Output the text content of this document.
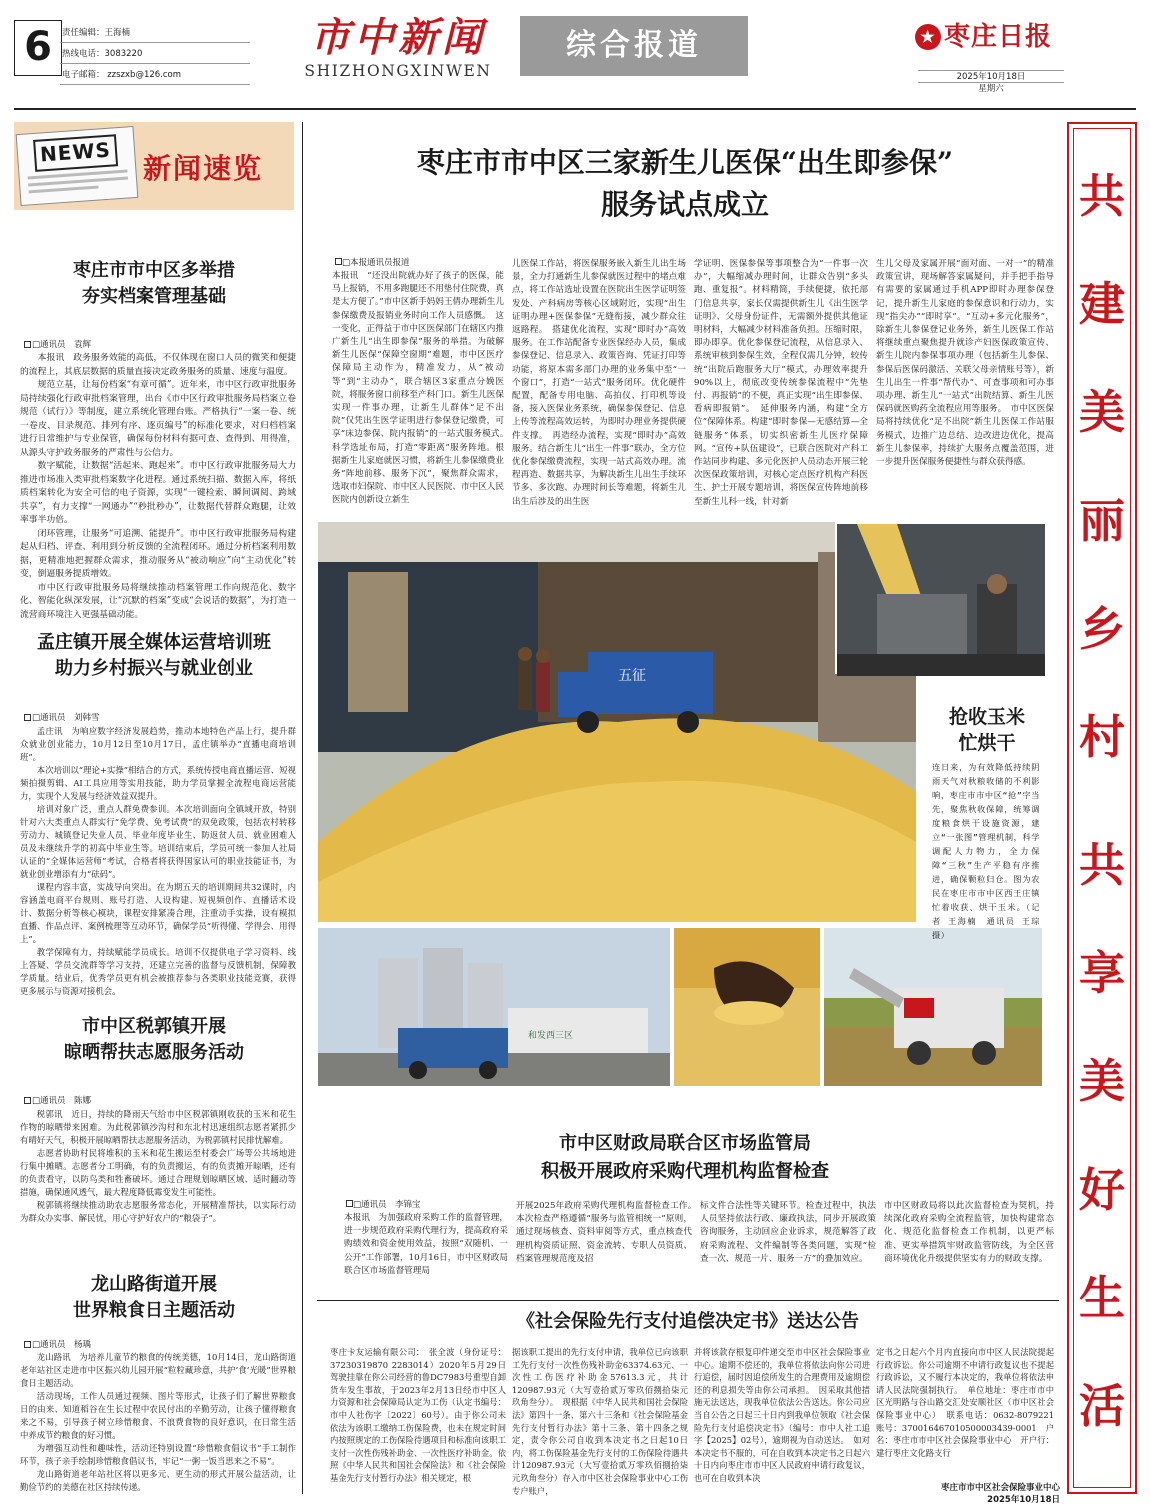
6	责任编辑：王海楠
热线电话：3083220
电子邮箱： zzszxb@126.com
市中新闻
SHIZHONGXINWEN
综合报道	★ 枣庄日报
2025年10月18日
星期六
共
建
美
丽
乡
村
共
享
美
好
生
活
NEWS	新闻速览
枣庄市市中区多举措
夯实档案管理基础
□通讯员　袁辉

本报讯　政务服务效能的高低，不仅体现在窗口人员的微笑和便捷的流程上，其底层数据的质量直接决定政务服务的质量、速度与温度。

规范立基，让每份档案“有章可循”。近年来，市中区行政审批服务局持续强化行政审批档案管理，出台《市中区行政审批服务局档案立卷规范（试行）》等制度，建立系统化管理台账。严格执行“一案一卷、统一卷皮、目录规范、排列有序、逐页编号”的标准化要求，对归档档案进行日常维护与专业保管，确保每份材料有据可查、查得到、用得准，从源头守护政务服务的严肃性与公信力。

数字赋能，让数据“活起来、跑起来”。市中区行政审批服务局大力推进市场准入类审批档案数字化进程。通过系统扫描、数据入库，将纸质档案转化为安全可信的电子资源，实现“一键检索、瞬间调阅、跨域共享”，有力支撑“一网通办”“秒批秒办”，让数据代替群众跑腿，让效率事半功倍。

闭环管理，让服务“可追溯、能提升”。市中区行政审批服务局构建起从归档、评查、利用到分析反馈的全流程闭环。通过分析档案利用数据，更精准地把握群众需求，推动服务从“被动响应”向“主动优化”转变，倒逼服务提质增效。

市中区行政审批服务局将继续推动档案管理工作向规范化、数字化、智能化纵深发展，让“沉默的档案”变成“会说话的数据”，为打造一流营商环境注入更强基础动能。

孟庄镇开展全媒体运营培训班
助力乡村振兴与就业创业
□通讯员　刘韩雪

孟庄讯　为响应数字经济发展趋势，推动本地特色产品上行，提升群众就业创业能力，10月12日至10月17日，孟庄镇举办“直播电商培训班”。

本次培训以“理论+实操”相结合的方式，系统传授电商直播运营、短视频拍摄剪辑、AI工具应用等实用技能，助力学员掌握全流程电商运营能力，实现个人发展与经济效益双提升。

培训对象广泛，重点人群免费参训。本次培训面向全镇域开放，特别针对六大类重点人群实行“免学费、免考试费”的双免政策，包括农村转移劳动力、城镇登记失业人员、毕业年度毕业生、防返贫人员、就业困难人员及未继续升学的初高中毕业生等。培训结束后，学员可统一参加人社局认证的“全媒体运营师”考试，合格者将获得国家认可的职业技能证书，为就业创业增添有力“砝码”。

课程内容丰富，实战导向突出。在为期五天的培训期间共32课时，内容涵盖电商平台规则、账号打造、人设构建、短视频创作、直播话术设计、数据分析等核心模块，课程安排紧凑合理，注重动手实操，设有模拟直播、作品点评、案例梳理等互动环节，确保学员“听得懂、学得会、用得上”。

教学保障有力，持续赋能学员成长。培训不仅提供电子学习资料、线上答疑、学员交流群等学习支持，还建立完善的监督与反馈机制，保障教学质量。结业后，优秀学员更有机会被推荐参与各类职业技能竞赛，获得更多展示与资源对接机会。

市中区税郭镇开展
晾晒帮扶志愿服务活动
□通讯员　陈娜

税郭讯　近日，持续的降雨天气给市中区税郭镇刚收获的玉米和花生作物的晾晒带来困难。为此税郭镇沙沟村和东北村迅速组织志愿者紧抓少有晴好天气，积极开展晾晒帮扶志愿服务活动，为税郭镇村民排忧解难。

志愿者协助村民将堆积的玉米和花生搬运至村委会广场等公共场地进行集中摊晒。志愿者分工明确，有的负责搬运，有的负责摊开晾晒，还有的负责看守，以防鸟类和牲畜破坏。通过合理规划晾晒区域、适时翻动等措施，确保通风透气，最大程度降低霉变发生可能性。

税郭镇将继续推动助农志愿服务常态化，开展精准帮扶，以实际行动为群众办实事、解民忧，用心守护好农户的“粮袋子”。

龙山路街道开展
世界粮食日主题活动
□通讯员　杨瑀

龙山路讯　为培养儿童节约粮食的传统美德，10月14日，龙山路街道老年站社区走进市中区振兴幼儿园开展“粒粒藏珍意，共护‘食’光暖”世界粮食日主题活动。

活动现场，工作人员通过视频、图片等形式，让孩子们了解世界粮食日的由来、知道稻谷在生长过程中农民付出的辛勤劳动，让孩子懂得粮食来之不易，引导孩子树立珍惜粮食、不浪费食物的良好意识，在日常生活中养成节约粮食的好习惯。

为增强互动性和趣味性，活动还特别设置“珍惜粮食倡议书”手工制作环节，孩子亲手绘制珍惜粮食倡议书，牢记“一粥一饭当思来之不易”。

龙山路街道老年站社区将以更多元、更生动的形式开展公益活动，让勤俭节约的美德在社区持续传递。

枣庄市市中区三家新生儿医保“出生即参保”
服务试点成立
□本报通讯员报道
本报讯　“还没出院就办好了孩子的医保，能马上报销，不用多跑腿还不用垫付住院费，真是太方便了。”市中区新手妈妈王倩办理新生儿参保缴费及报销业务时向工作人员感慨。　这一变化，正得益于市中区医保部门在辖区内推广新生儿“出生即参保”服务的举措。为破解新生儿医保“保障空窗期”难题，市中区医疗保障局主动作为，精准发力，从“被动等”到“主动办”，联合辖区3家重点分娩医院，将服务窗口前移至产科门口。新生儿医保实现一件事办理，让新生儿群体“足不出院”仅凭出生医学证明进行参保登记缴费，可享“床边参保、院内报销”的一站式服务模式。　科学选址布局，打造“零距离”服务阵地。根据新生儿家庭就医习惯，将新生儿参保缴费业务“阵地前移、服务下沉”，聚焦群众需求，选取市妇保院、市中区人民医院、市中区人民医院内创新设立新生
儿医保工作站，将医保服务嵌入新生儿出生场景，全力打通新生儿参保就医过程中的堵点难点，将工作站选址设置在医院出生医学证明签发处、产科病房等核心区域附近，实现“出生证明办理+医保参保”无缝衔接，减少群众往返路程。　搭建优化流程，实现“即时办”高效服务。在工作站配备专业医保经办人员，集成参保登记、信息录入、政策咨询、凭证打印等功能，将原本需多部门办理的业务集中至“一个窗口”，打造“一站式”服务闭环。优化硬件配置，配备专用电脑、高拍仪、打印机等设备，接入医保业务系统，确保参保登记、信息上传等流程高效运转，为即时办理业务提供硬件支撑。　再造经办流程，实现“即时办”高效服务。结合新生儿“出生一件事”联办，全方位优化参保缴费流程，实现一站式高效办理。流程再造、数据共享，为解决新生儿出生手续环节多、多次跑、办理时间长等难题，将新生儿出生后涉及的出生医
学证明、医保参保等事项整合为“一件事一次办”，大幅缩减办理时间，让群众告别“多头跑、重复报”。材料精简，手续便捷，依托部门信息共享，家长仅需提供新生儿《出生医学证明》、父母身份证件，无需额外提供其他证明材料，大幅减少材料准备负担。压缩时限，即办即享。优化参保登记流程，从信息录入、系统审核到参保生效，全程仅需几分钟，较传统“出院后跑服务大厅”模式，办理效率提升90%以上，彻底改变传统参保流程中“先垫付、再报销”的不便，真正实现“出生即参保、看病即报销”。　延伸服务内涵，构建“全方位”保障体系。构建“即时参保—无感结算—全链服务”体系，切实织密新生儿医疗保障网。“宣传+队伍建设”，已联合医院对产科工作站同步构建、多元化医护人员动态开展三轮次医保政策培训，对核心定点医疗机构产科医生、护士开展专题培训，将医保宣传阵地前移至新生儿科一线，针对新
生儿父母及家属开展“面对面、一对一”的精准政策宣讲，现场解答家属疑问，并手把手指导有需要的家属通过手机APP即时办理参保登记，提升新生儿家庭的参保意识和行动力，实现“指尖办”“即时享”。“互动+多元化服务”，除新生儿参保登记业务外，新生儿医保工作站将继续重点聚焦提升就诊产妇医保政策宣传、新生儿院内参保事项办理（包括新生儿参保、参保后医保码激活、关联父母亲情账号等），新生儿出生一件事“帮代办”、可查事项和可办事项办理、新生儿“一站式”出院结算、新生儿医保码就医购药全流程应用等服务。　市中区医保局将持续优化“足不出院”新生儿医保工作站服务模式，边推广边总结、边改进边优化，提高新生儿参保率，持续扩大服务点覆盖范围，进一步提升医保服务便捷性与群众获得感。
五征
和发西三区
抢收玉米
忙烘干
连日来，为有效降低持续阴雨天气对秋粮收储的不利影响，枣庄市市中区“抢”字当先，聚焦秋收保障，统筹调度粮食烘干设施资源，建立“一张图”管理机制，科学调配人力物力，全力保障“三秋”生产平稳有序推进，确保颗粒归仓。图为农民在枣庄市市中区西王庄镇忙着收获、烘干玉米。（记者 王海楠　通讯员 王琮　摄）
市中区财政局联合区市场监管局
积极开展政府采购代理机构监督检查
□通讯员　李锦宝
本报讯　为加强政府采购工作的监督管理，进一步规范政府采购代理行为，提高政府采购绩效和资金使用效益，按照“双随机、一公开”工作部署，10月16日，市中区财政局联合区市场监督管理局
开展2025年政府采购代理机构监督检查工作。　本次检查严格遵循“服务与监管相统一”原则，通过现场核查、资料审阅等方式，重点核查代理机构资质证照、资金流转、专职人员资质、档案管理规范度及招
标文件合法性等关键环节。检查过程中，执法人员坚持依法行政、廉政执法，同步开展政策咨询服务，主动回应企业诉求，规范解答了政府采购流程、文件编制等各类问题，实现“检查一次、规范一片、服务一方”的叠加效应。
市中区财政局将以此次监督检查为契机，持续深化政府采购全流程监管，加快构建常态化、规范化监督检查工作机制，以更严标准、更实举措筑牢财政监管防线，为全区营商环境优化升级提供坚实有力的财政支撑。
《社会保险先行支付追偿决定书》送达公告
枣庄卡友运输有限公司：　张全波（身份证号：37230319870 2283014）2020年5月29日驾驶挂靠在你公司经营的鲁DC7983号重型自卸货车发生事故，于2023年2月13日经市中区人力资源和社会保障局认定为工伤（认定书编号：市中人社伤字〔2022〕60号）。由于你公司未依法为该职工缴纳工伤保险费，也未在规定时间内按照规定的工伤保险待遇项目和标准向该职工支付一次性伤残补助金、一次性医疗补助金。依照《中华人民共和国社会保险法》和《社会保险基金先行支付暂行办法》相关规定，根
据该职工提出的先行支付申请，我单位已向该职工先行支付一次性伤残补助金63374.63元、一次性工伤医疗补助金57613.3元，共计120987.93元（大写壹拾贰万零玖佰捌拾柒元玖角叁分）。　现根据《中华人民共和国社会保险法》第四十一条、第六十三条和《社会保险基金先行支付暂行办法》第十三条、第十四条之规定，责令你公司自收到本决定书之日起10日内，将工伤保险基金先行支付的工伤保险待遇共计120987.93元（大写壹拾贰万零玖佰捌拾柒元玖角叁分）存入市中区社会保险事业中心工伤专户账户，
并将该款存根复印件递交至市中区社会保险事业中心。逾期不偿还的，我单位将依法向你公司进行追偿，届时因追偿所发生的合理费用及逾期偿还的利息损失等由你公司承担。　因采取其他措施无法送达，现我单位依法公告送达。你公司应当自公告之日起三十日内到我单位领取《社会保险先行支付追偿决定书》（编号：市中人社工追字【2025】02号），逾期视为自动送达。　如对本决定书不服的，可在自收到本决定书之日起六十日内向枣庄市市中区人民政府申请行政复议，也可在自收到本决
定书之日起六个月内直接向市中区人民法院提起行政诉讼。你公司逾期不申请行政复议也不提起行政诉讼，又不履行本决定的，我单位将依法申请人民法院强制执行。　单位地址：枣庄市市中区光明路与谷山路交汇处安顺社区（市中区社会保险事业中心）　联系电话：0632-8079221　账号：370016467010500003439-0001　户名：枣庄市市中区社会保险事业中心　开户行：建行枣庄文化路支行
枣庄市市中区社会保险事业中心
2025年10月18日
